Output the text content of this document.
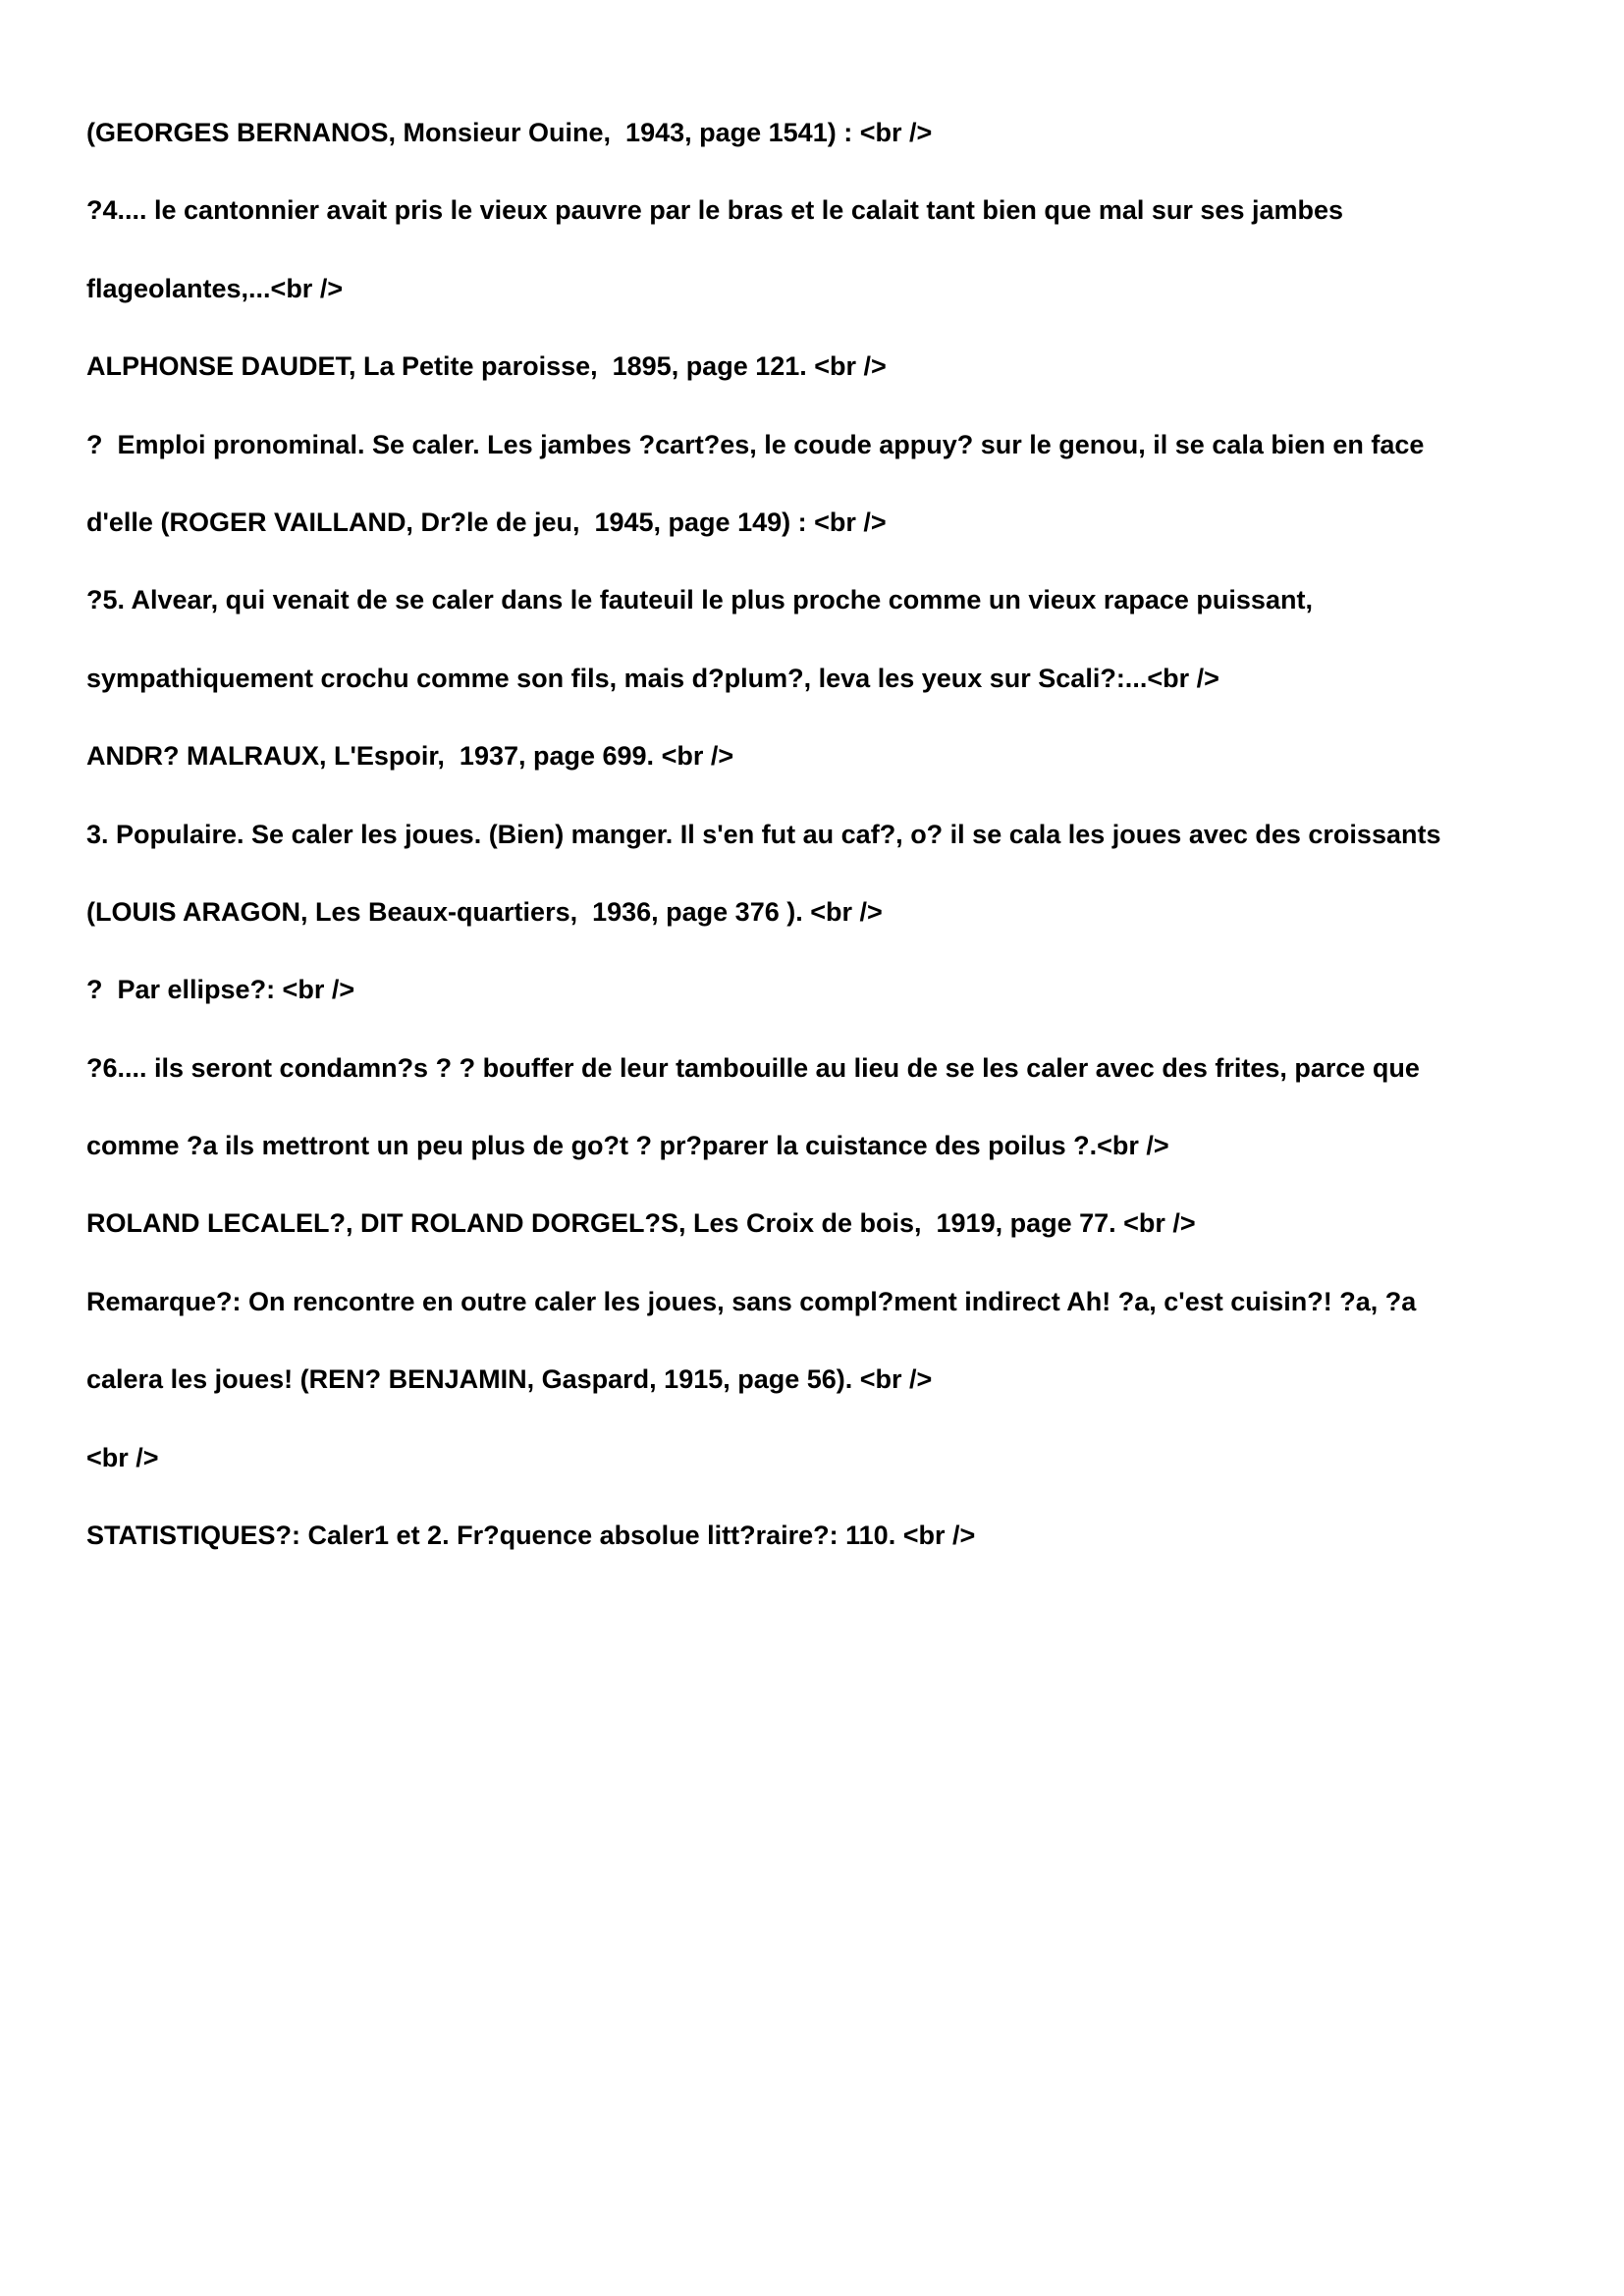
(GEORGES BERNANOS, Monsieur Ouine,  1943, page 1541) : <br />

?4.... le cantonnier avait pris le vieux pauvre par le bras et le calait tant bien que mal sur ses jambes

flageolantes,...<br />

ALPHONSE DAUDET, La Petite paroisse,  1895, page 121. <br />

?  Emploi pronominal. Se caler. Les jambes ?cart?es, le coude appuy? sur le genou, il se cala bien en face

d'elle (ROGER VAILLAND, Dr?le de jeu,  1945, page 149) : <br />

?5. Alvear, qui venait de se caler dans le fauteuil le plus proche comme un vieux rapace puissant,

sympathiquement crochu comme son fils, mais d?plum?, leva les yeux sur Scali?:...<br />

ANDR? MALRAUX, L'Espoir,  1937, page 699. <br />

3. Populaire. Se caler les joues. (Bien) manger. Il s'en fut au caf?, o? il se cala les joues avec des croissants

(LOUIS ARAGON, Les Beaux-quartiers,  1936, page 376 ). <br />

?  Par ellipse?: <br />

?6.... ils seront condamn?s ? ? bouffer de leur tambouille au lieu de se les caler avec des frites, parce que

comme ?a ils mettront un peu plus de go?t ? pr?parer la cuistance des poilus ?.<br />

ROLAND LECALEL?, DIT ROLAND DORGEL?S, Les Croix de bois,  1919, page 77. <br />

Remarque?: On rencontre en outre caler les joues, sans compl?ment indirect Ah! ?a, c'est cuisin?! ?a, ?a

calera les joues! (REN? BENJAMIN, Gaspard, 1915, page 56). <br />

<br />

STATISTIQUES?: Caler1 et 2. Fr?quence absolue litt?raire?: 110. <br />
